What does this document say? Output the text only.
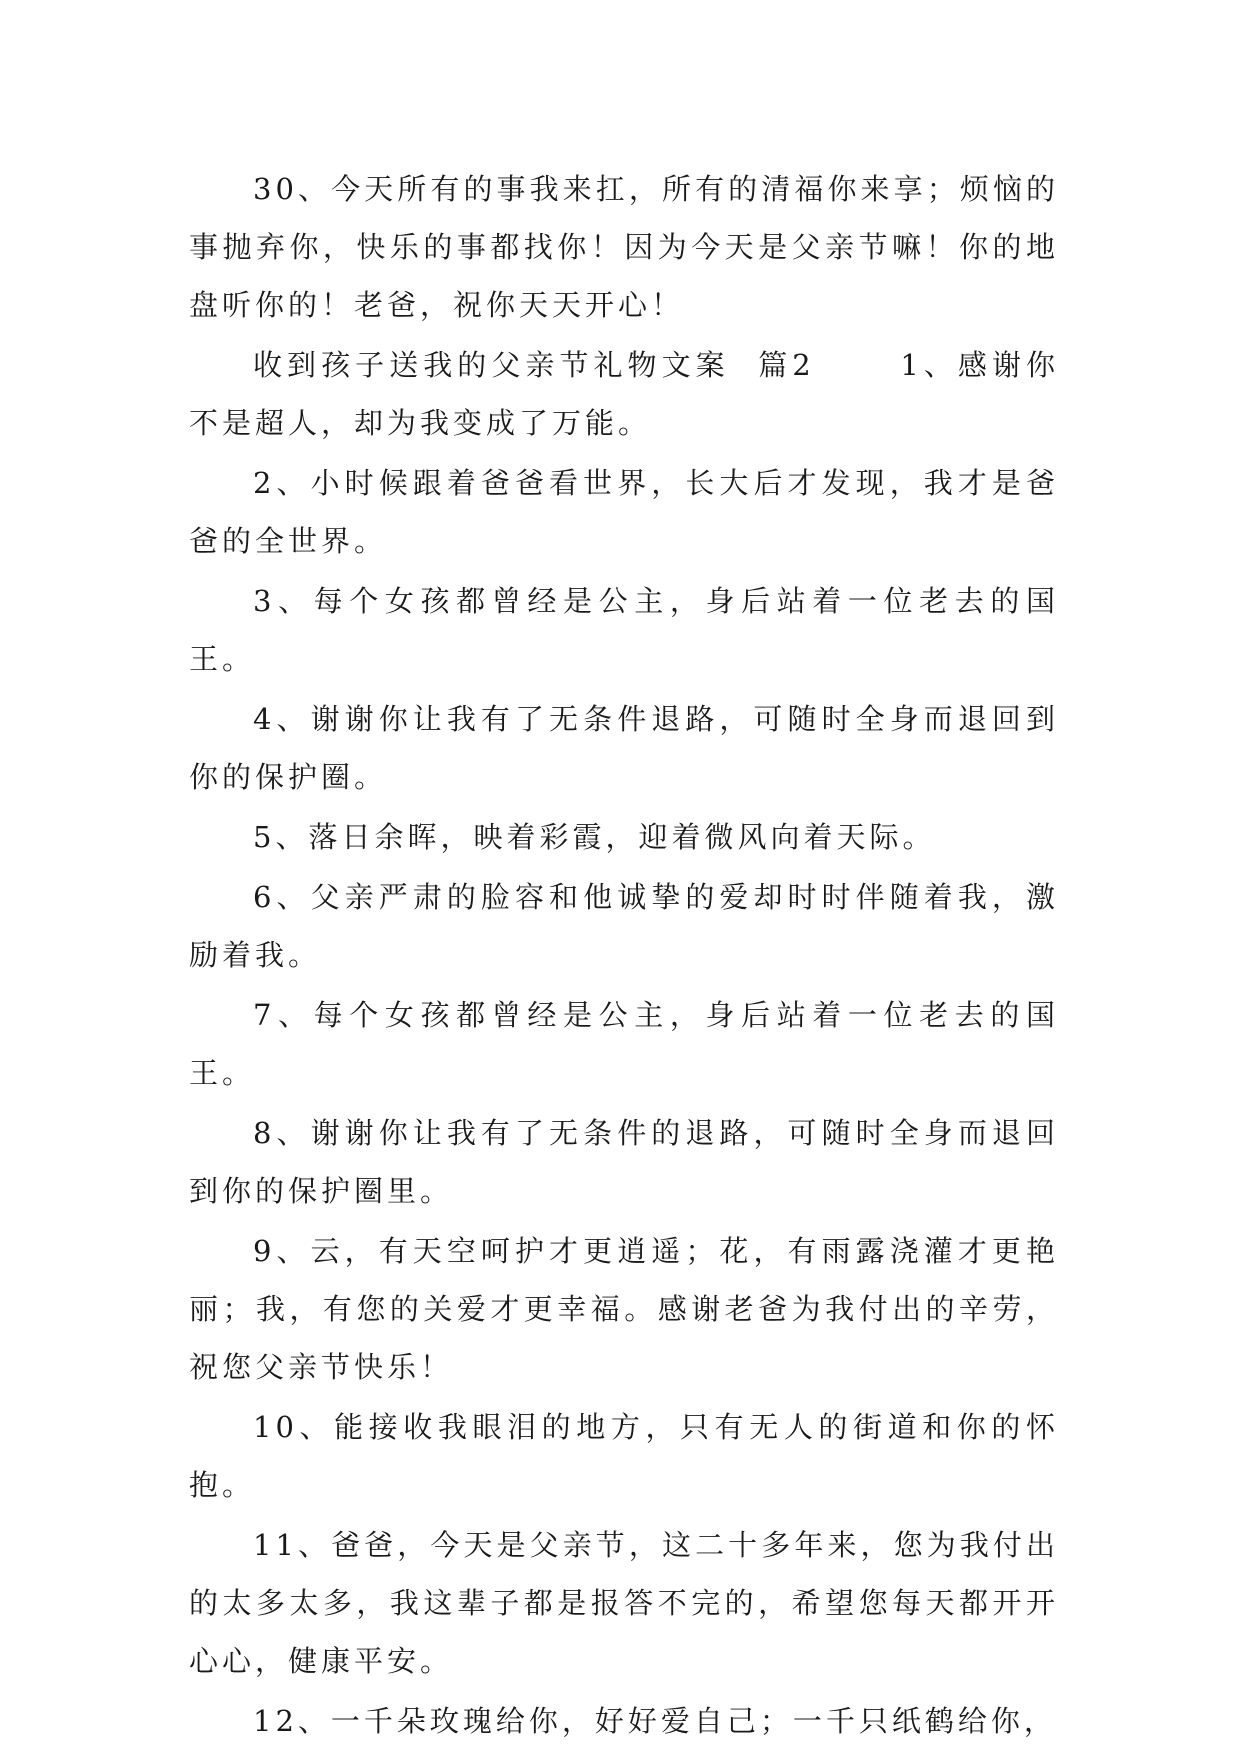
30、今天所有的事我来扛，所有的清福你来享；烦恼的事抛弃你，快乐的事都找你！因为今天是父亲节嘛！你的地盘听你的！老爸，祝你天天开心！

收到孩子送我的父亲节礼物文案  篇2      1、感谢你不是超人，却为我变成了万能。

2、小时候跟着爸爸看世界，长大后才发现，我才是爸爸的全世界。

3、每个女孩都曾经是公主，身后站着一位老去的国王。

4、谢谢你让我有了无条件退路，可随时全身而退回到你的保护圈。

5、落日余晖，映着彩霞，迎着微风向着天际。

6、父亲严肃的脸容和他诚挚的爱却时时伴随着我，激励着我。

7、每个女孩都曾经是公主，身后站着一位老去的国王。

8、谢谢你让我有了无条件的退路，可随时全身而退回到你的保护圈里。

9、云，有天空呵护才更逍遥；花，有雨露浇灌才更艳丽；我，有您的关爱才更幸福。感谢老爸为我付出的辛劳，祝您父亲节快乐！

10、能接收我眼泪的地方，只有无人的街道和你的怀抱。

11、爸爸，今天是父亲节，这二十多年来，您为我付出的太多太多，我这辈子都是报答不完的，希望您每天都开开心心，健康平安。

12、一千朵玫瑰给你，好好爱自己；一千只纸鹤给你，
